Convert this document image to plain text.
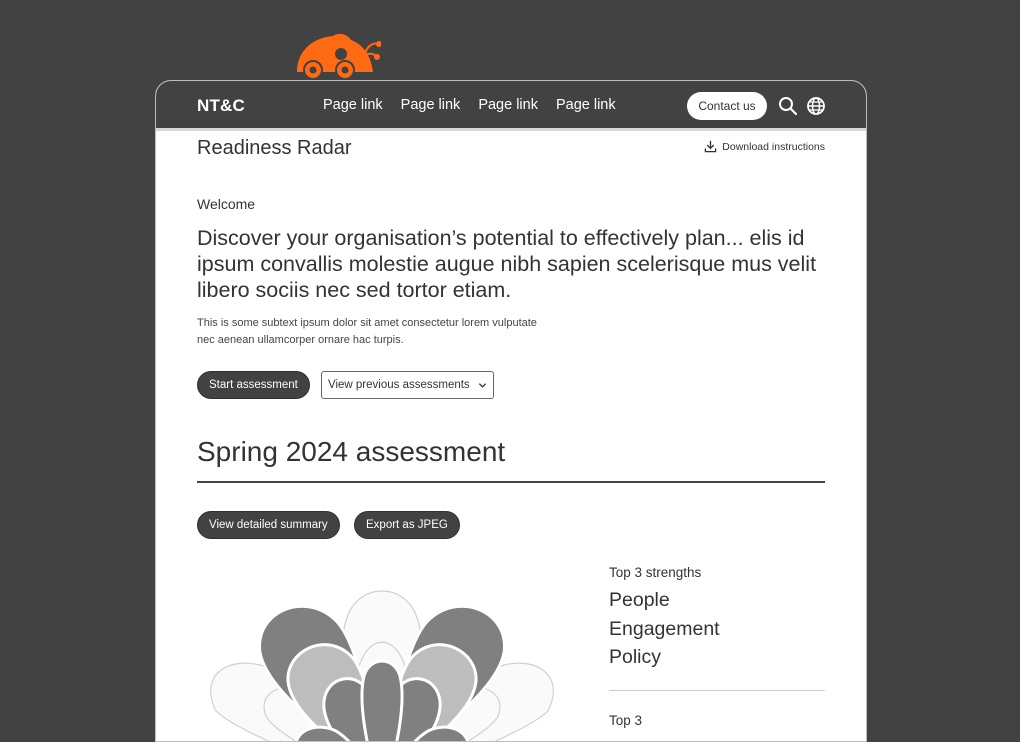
NT&C	Page link Page link Page link Page link	Contact us
Readiness Radar	Download instructions
Welcome
Discover your organisation’s potential to effectively plan... elis id ipsum convallis molestie augue nibh sapien scelerisque mus velit libero sociis nec sed tortor etiam.

This is some subtext ipsum dolor sit amet consectetur lorem vulputate nec aenean ullamcorper ornare hac turpis.

Start assessment	View previous assessments
Spring 2024 assessment
View detailed summary	Export as JPEG
Top 3 strengths
People
Engagement
Policy
Top 3
